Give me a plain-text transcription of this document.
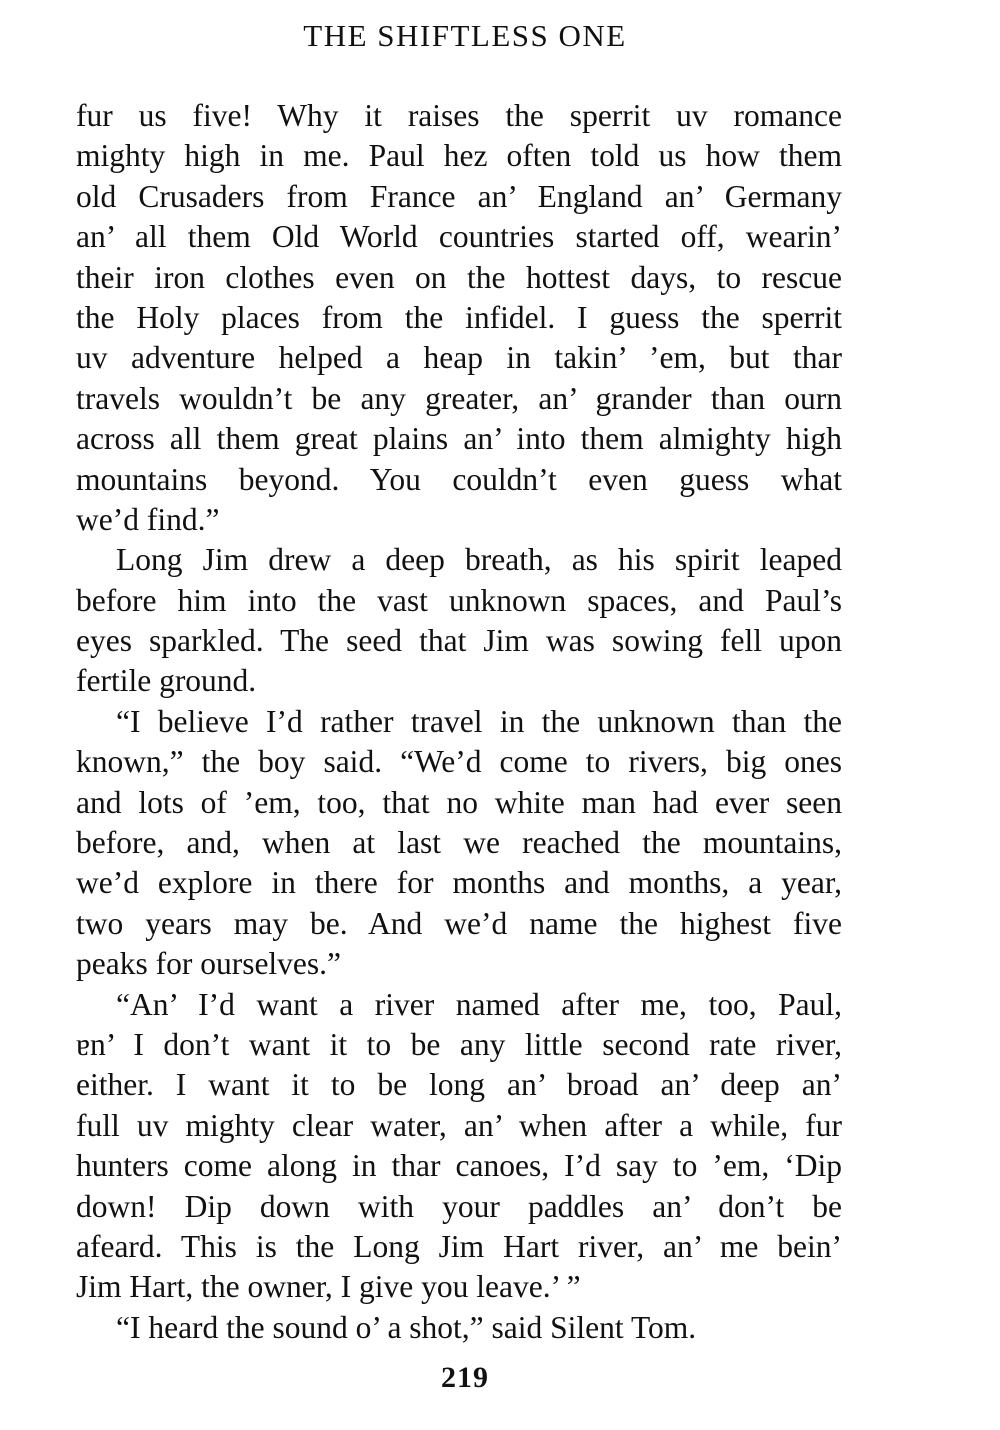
THE SHIFTLESS ONE
fur us five! Why it raises the sperrit uv romance
mighty high in me. Paul hez often told us how them
old Crusaders from France an’ England an’ Germany
an’ all them Old World countries started off, wearin’
their iron clothes even on the hottest days, to rescue
the Holy places from the infidel. I guess the sperrit
uv adventure helped a heap in takin’ ’em, but thar
travels wouldn’t be any greater, an’ grander than ourn
across all them great plains an’ into them almighty high
mountains beyond. You couldn’t even guess what
we’d find.”
Long Jim drew a deep breath, as his spirit leaped
before him into the vast unknown spaces, and Paul’s
eyes sparkled. The seed that Jim was sowing fell upon
fertile ground.
“I believe I’d rather travel in the unknown than the
known,” the boy said. “We’d come to rivers, big ones
and lots of ’em, too, that no white man had ever seen
before, and, when at last we reached the mountains,
we’d explore in there for months and months, a year,
two years may be. And we’d name the highest five
peaks for ourselves.”
“An’ I’d want a river named after me, too, Paul,
ɐn’ I don’t want it to be any little second rate river,
either. I want it to be long an’ broad an’ deep an’
full uv mighty clear water, an’ when after a while, fur
hunters come along in thar canoes, I’d say to ’em, ‘Dip
down! Dip down with your paddles an’ don’t be
afeard. This is the Long Jim Hart river, an’ me bein’
Jim Hart, the owner, I give you leave.’ ”
“I heard the sound o’ a shot,” said Silent Tom.
219
